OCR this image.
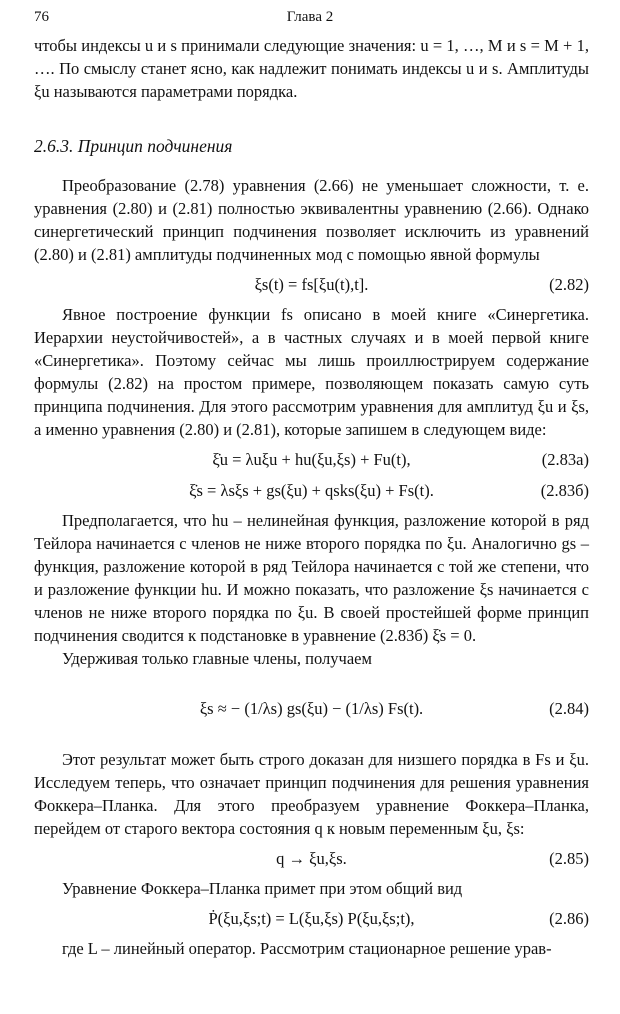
76	Глава 2

чтобы индексы u и s принимали следующие значения: u = 1, …, M и s = M + 1, …. По смыслу станет ясно, как надлежит понимать индексы u и s. Амплитуды ξu называются параметрами порядка.

2.6.3. Принцип подчинения

Преобразование (2.78) уравнения (2.66) не уменьшает сложности, т. е. уравнения (2.80) и (2.81) полностью эквивалентны уравнению (2.66). Однако синергетический принцип подчинения позволяет исключить из уравнений (2.80) и (2.81) амплитуды подчиненных мод с помощью явной формулы

ξs(t) = fs[ξu(t),t].	(2.82)

Явное построение функции fs описано в моей книге «Синергетика. Иерархии неустойчивостей», а в частных случаях и в моей первой книге «Синергетика». Поэтому сейчас мы лишь проиллюстрируем содержание формулы (2.82) на простом примере, позволяющем показать самую суть принципа подчинения. Для этого рассмотрим уравнения для амплитуд ξu и ξs, а именно уравнения (2.80) и (2.81), которые запишем в следующем виде:

ξ̇u = λuξu + hu(ξu,ξs) + Fu(t),	(2.83а)
ξ̇s = λsξs + gs(ξu) + qsks(ξu) + Fs(t).	(2.83б)

Предполагается, что hu – нелинейная функция, разложение которой в ряд Тейлора начинается с членов не ниже второго порядка по ξu. Аналогично gs – функция, разложение которой в ряд Тейлора начинается с той же степени, что и разложение функции hu. И можно показать, что разложение ξs начинается с членов не ниже второго порядка по ξu. В своей простейшей форме принцип подчинения сводится к подстановке в уравнение (2.83б) ξ̇s = 0.

Удерживая только главные члены, получаем

ξs ≈ − (1/λs) gs(ξu) − (1/λs) Fs(t).	(2.84)

Этот результат может быть строго доказан для низшего порядка в Fs и ξu. Исследуем теперь, что означает принцип подчинения для решения уравнения Фоккера–Планка. Для этого преобразуем уравнение Фоккера–Планка, перейдем от старого вектора состояния q к новым переменным ξu, ξs:

q → ξu,ξs.	(2.85)

Уравнение Фоккера–Планка примет при этом общий вид

Ṗ(ξu,ξs;t) = L(ξu,ξs) P(ξu,ξs;t),	(2.86)

где L – линейный оператор. Рассмотрим стационарное решение урав-
